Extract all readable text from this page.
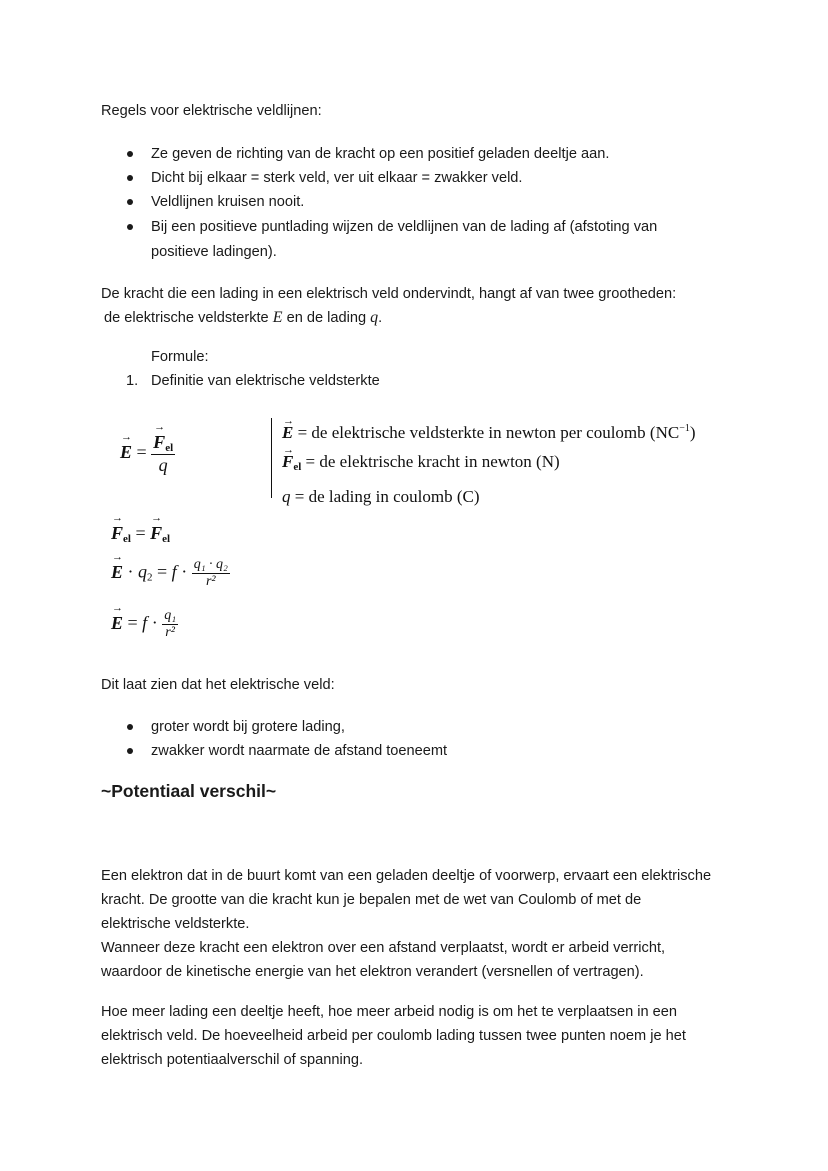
Regels voor elektrische veldlijnen:
Ze geven de richting van de kracht op een positief geladen deeltje aan.
Dicht bij elkaar = sterk veld, ver uit elkaar = zwakker veld.
Veldlijnen kruisen nooit.
Bij een positieve puntlading wijzen de veldlijnen van de lading af (afstoting van
positieve ladingen).
De kracht die een lading in een elektrisch veld ondervindt, hangt af van twee grootheden:
de elektrische veldsterkte E en de lading q.
Formule:
1. Definitie van elektrische veldsterkte
→ E = → $\frac{F_{el}}{q}$	→ E = de elektrische veldsterkte in newton per coulomb $(NC^{-1})$
→ $F_{el}$ = de elektrische kracht in newton (N)
q = de lading in coulomb (C)
→ $F_{el}$ = → $F_{el}$
→ $E \cdot q_2 = f \cdot \frac{\text{q₁ · q₂}}{\text{r²}}$
→ $E = f \cdot \frac{\text{q₁}}{\text{r²}}$
Dit laat zien dat het elektrische veld:
groter wordt bij grotere lading,
zwakker wordt naarmate de afstand toeneemt
~Potentiaal verschil~
Een elektron dat in de buurt komt van een geladen deeltje of voorwerp, ervaart een elektrische
kracht. De grootte van die kracht kun je bepalen met de wet van Coulomb of met de
elektrische veldsterkte.
Wanneer deze kracht een elektron over een afstand verplaatst, wordt er arbeid verricht,
waardoor de kinetische energie van het elektron verandert (versnellen of vertragen).
Hoe meer lading een deeltje heeft, hoe meer arbeid nodig is om het te verplaatsen in een
elektrisch veld. De hoeveelheid arbeid per coulomb lading tussen twee punten noem je het
elektrisch potentiaalverschil of spanning.
